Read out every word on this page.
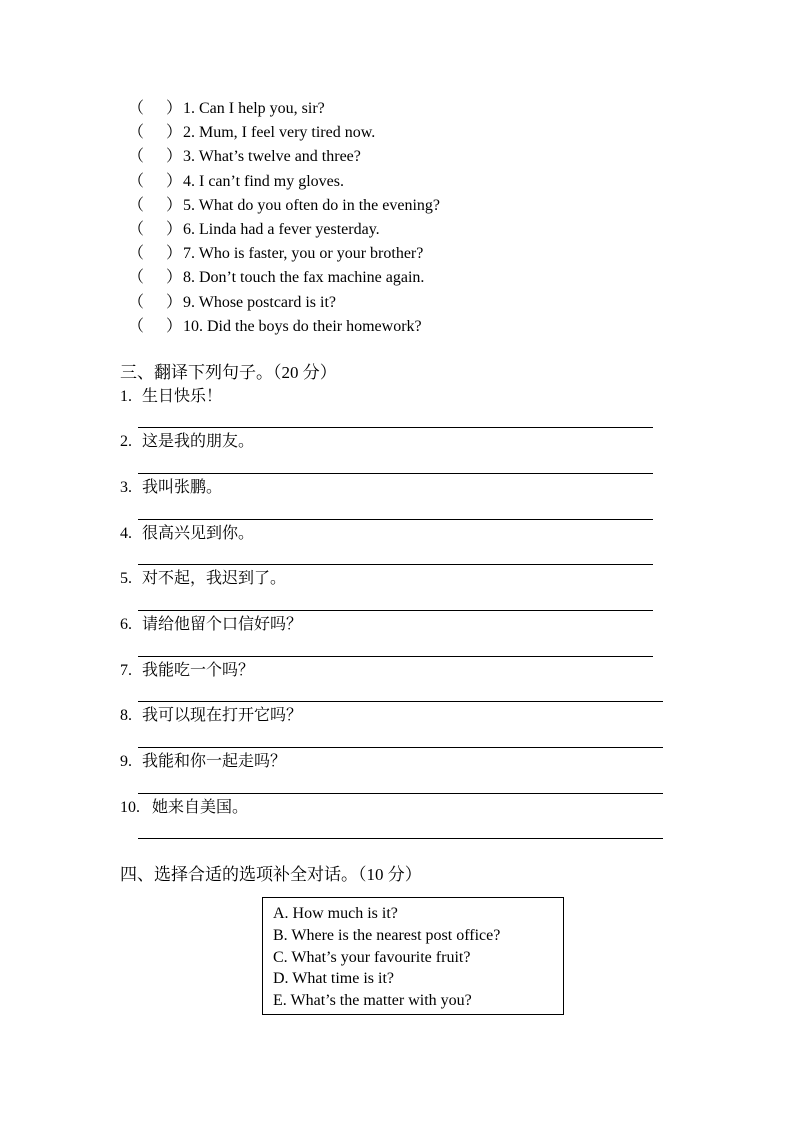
（ ） 1. Can I help you, sir?
（ ） 2. Mum, I feel very tired now.
（ ） 3. What’s twelve and three?
（ ） 4. I can’t find my gloves.
（ ） 5. What do you often do in the evening?
（ ） 6. Linda had a fever yesterday.
（ ） 7. Who is faster, you or your brother?
（ ） 8. Don’t touch the fax machine again.
（ ） 9. Whose postcard is it?
（ ） 10. Did the boys do their homework?
三、翻译下列句子。（20 分）
1. 生日快乐！
2. 这是我的朋友。
3. 我叫张鹏。
4. 很高兴见到你。
5. 对不起，我迟到了。
6. 请给他留个口信好吗？
7. 我能吃一个吗？
8. 我可以现在打开它吗？
9. 我能和你一起走吗？
10. 她来自美国。
四、选择合适的选项补全对话。（10 分）
A. How much is it?
B. Where is the nearest post office?
C. What’s your favourite fruit?
D. What time is it?
E. What’s the matter with you?
